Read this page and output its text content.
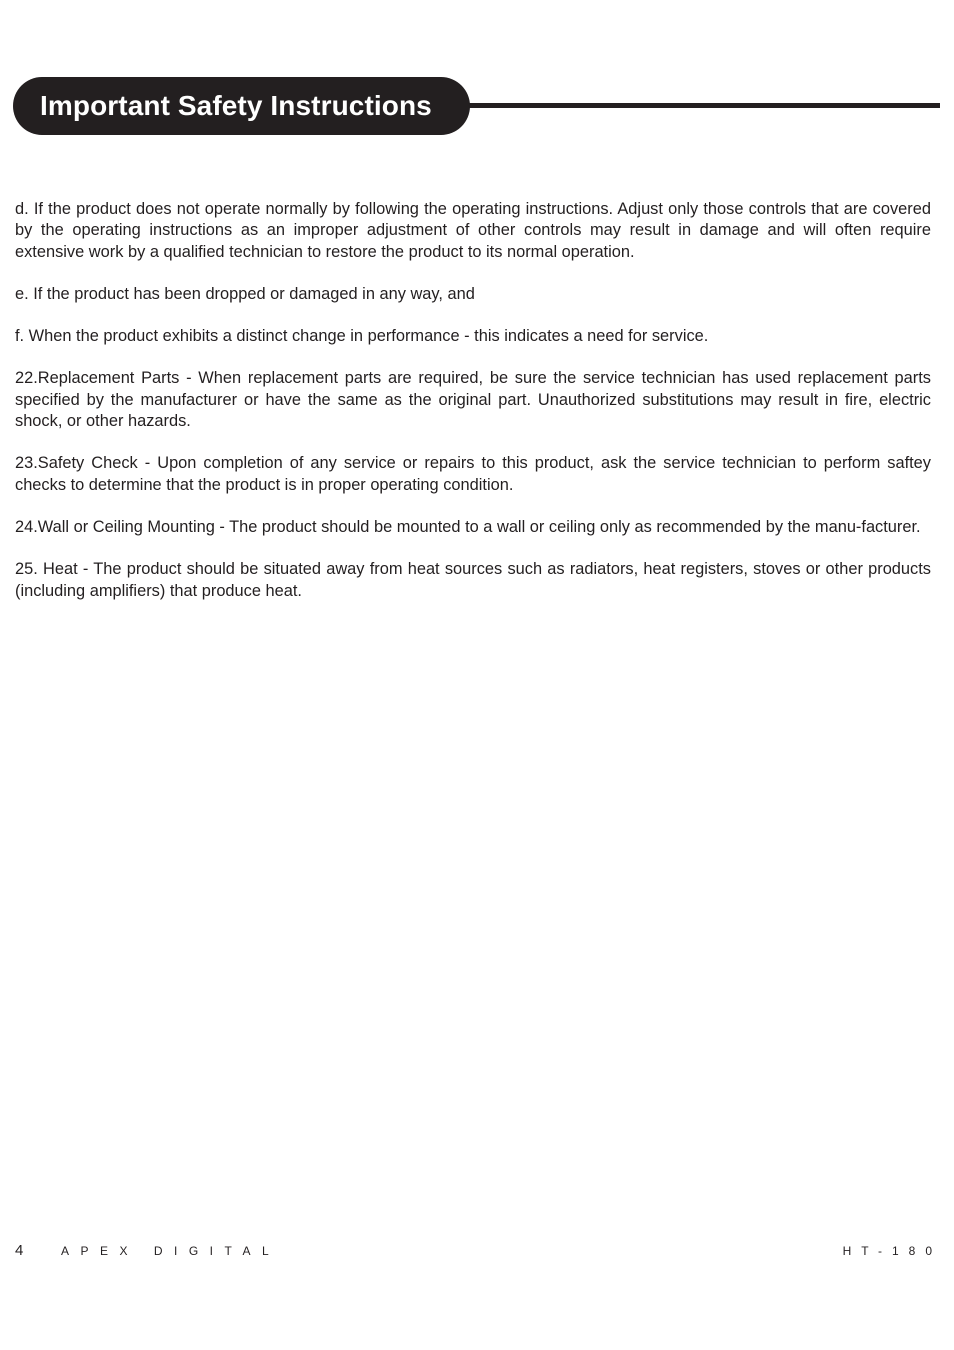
Important Safety Instructions

d. If the product does not operate normally by following the operating instructions. Adjust only those controls that are covered by the operating instructions as an improper adjustment of other controls may result in damage and will often require extensive work by a qualified technician to restore the product to its normal operation.

e. If the product has been dropped or damaged in any way, and

f. When the product exhibits a distinct change in performance - this indicates a need for service.

22.Replacement Parts - When replacement parts are required, be sure the service technician has used replacement parts specified by the manufacturer or have the same as the original part. Unauthorized substitutions may result in fire, electric shock, or other hazards.

23.Safety Check - Upon completion of any service or repairs to this product, ask the service technician to perform saftey checks to determine that the product is in proper operating condition.

24.Wall or Ceiling Mounting - The product should be mounted to a wall or ceiling only as recommended by the manu-facturer.

25. Heat - The product should be situated away from heat sources such as radiators, heat registers, stoves or other products (including amplifiers) that produce heat.

4	APEX DIGITAL	HT-180
